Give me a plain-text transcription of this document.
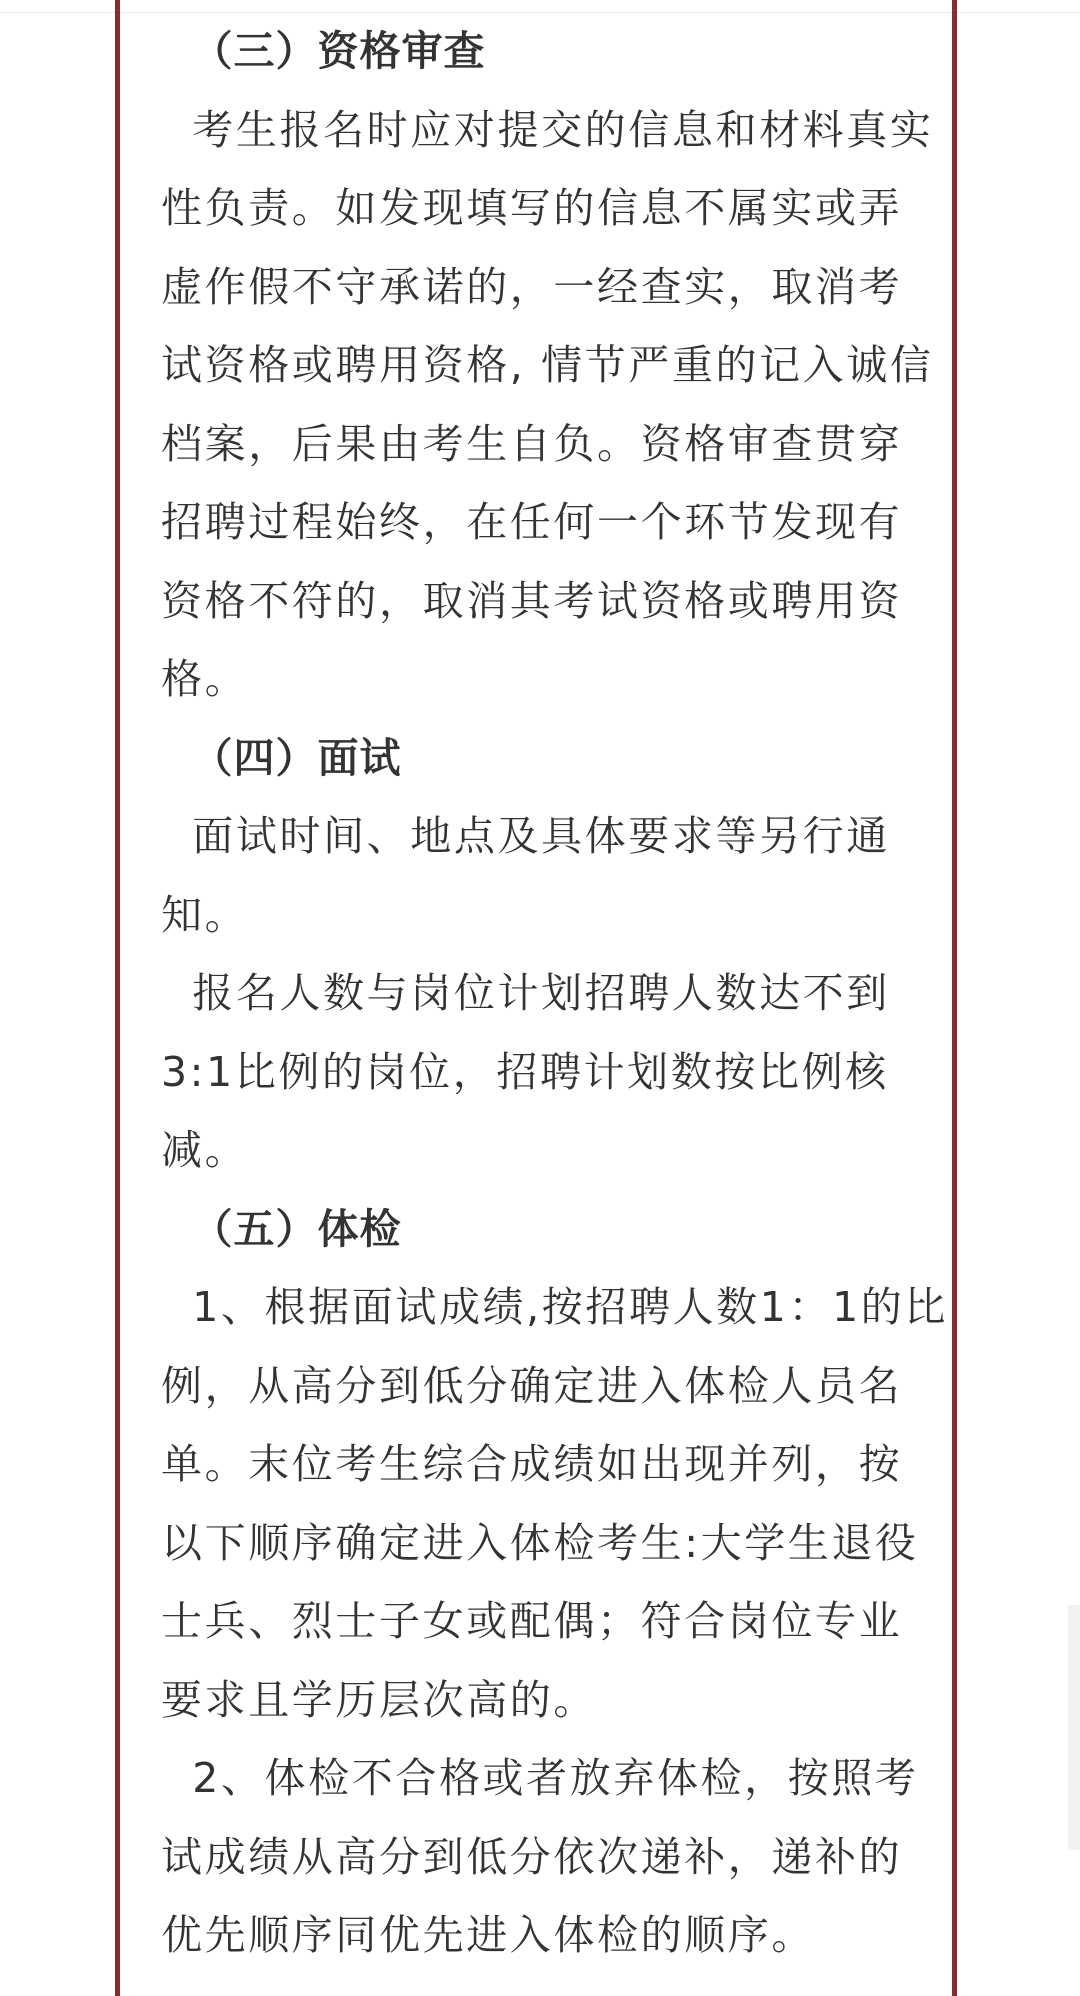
（三）资格审查
考生报名时应对提交的信息和材料真实
性负责。如发现填写的信息不属实或弄
虚作假不守承诺的，一经查实，取消考
试资格或聘用资格, 情节严重的记入诚信
档案，后果由考生自负。资格审查贯穿
招聘过程始终，在任何一个环节发现有
资格不符的，取消其考试资格或聘用资
格。
（四）面试
面试时间、地点及具体要求等另行通
知。
报名人数与岗位计划招聘人数达不到
3:1比例的岗位，招聘计划数按比例核
减。
（五）体检
1、根据面试成绩,按招聘人数1：1的比
例，从高分到低分确定进入体检人员名
单。末位考生综合成绩如出现并列，按
以下顺序确定进入体检考生:大学生退役
士兵、烈士子女或配偶；符合岗位专业
要求且学历层次高的。
2、体检不合格或者放弃体检，按照考
试成绩从高分到低分依次递补，递补的
优先顺序同优先进入体检的顺序。
